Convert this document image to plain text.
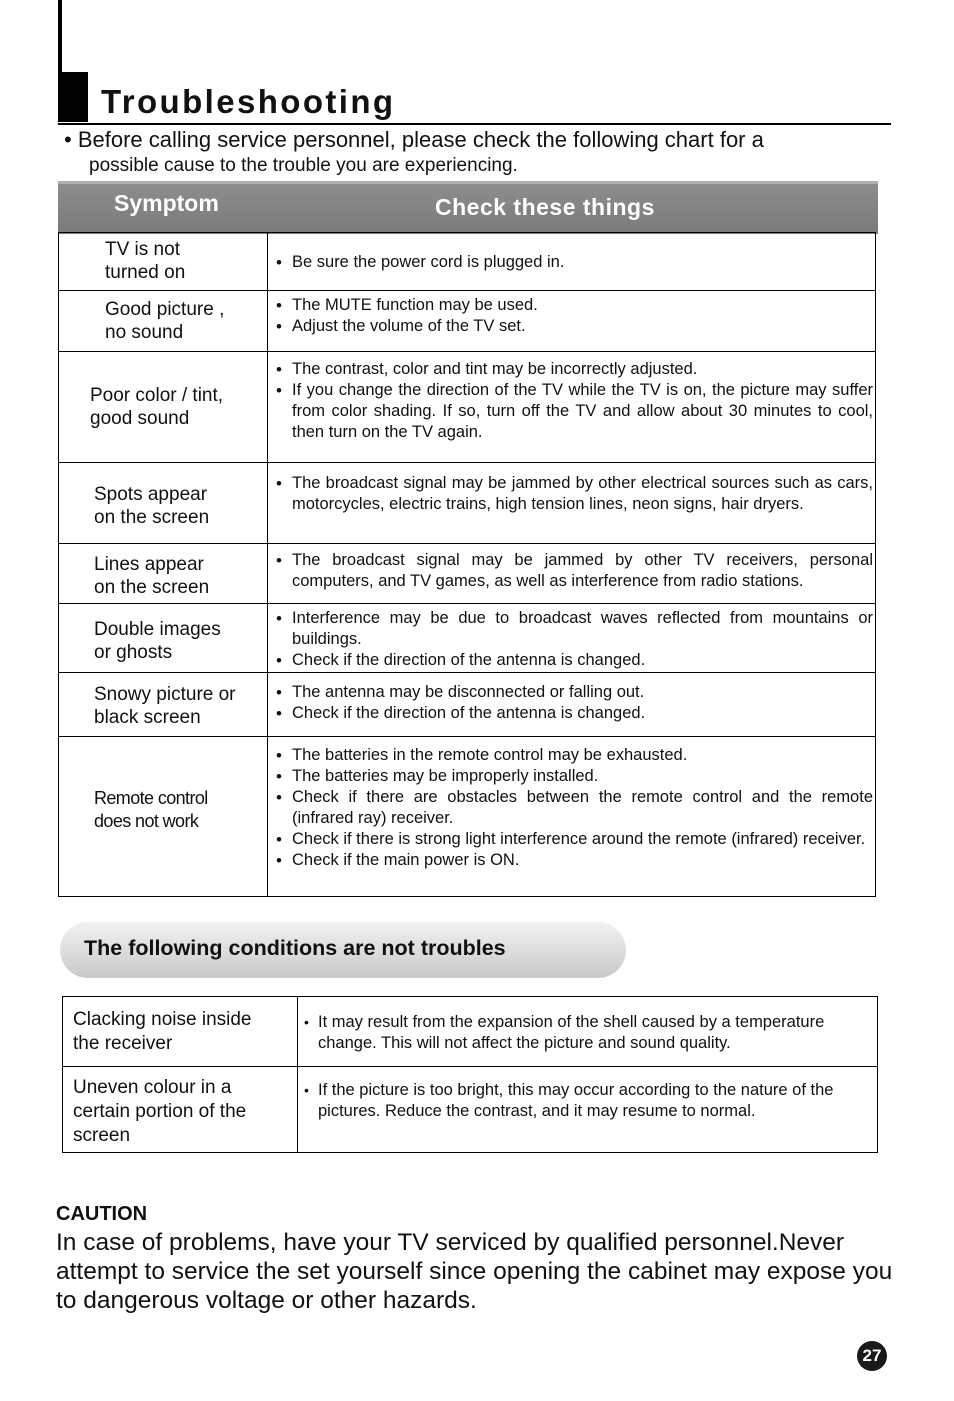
Troubleshooting
• Before calling service personnel, please check the following chart for a
possible cause to the trouble you are experiencing.
Symptom	Check these things
TV is not
turned on
•	Be sure the power cord is plugged in.
Good picture ,
no sound
• The MUTE function may be used.
• Adjust the volume of the TV set.
Poor color / tint,
good sound
• The contrast, color and tint may be incorrectly adjusted.
• If you change the direction of the TV while the TV is on, the picture may suffer from color shading. If so, turn off the TV and allow about 30 minutes to cool, then turn on the TV again.
Spots appear
on the screen
• The broadcast signal may be jammed by other electrical sources such as cars, motorcycles, electric trains, high tension lines, neon signs, hair dryers.
Lines appear
on the screen
• The broadcast signal may be jammed by other TV receivers, personal computers, and TV games, as well as interference from radio stations.
Double images
or ghosts
• Interference may be due to broadcast waves reflected from mountains or buildings.
• Check if the direction of the antenna is changed.
Snowy picture or
black screen
• The antenna may be disconnected or falling out.
• Check if the direction of the antenna is changed.
Remote control
does not work
• The batteries in the remote control may be exhausted.
• The batteries may be improperly installed.
• Check if there are obstacles between the remote control and the remote (infrared ray) receiver.
• Check if there is strong light interference around the remote (infrared) receiver.
• Check if the main power is ON.
The following conditions are not troubles
Clacking noise inside
the receiver
• It may result from the expansion of the shell caused by a temperature change. This will not affect the picture and sound quality.
Uneven colour in a
certain portion of the
screen
• If the picture is too bright, this may occur according to the nature of the pictures. Reduce the contrast, and it may resume to normal.
CAUTION
In case of problems, have your TV serviced by qualified personnel.Never attempt to service the set yourself since opening the cabinet may expose you to dangerous voltage or other hazards.
27
